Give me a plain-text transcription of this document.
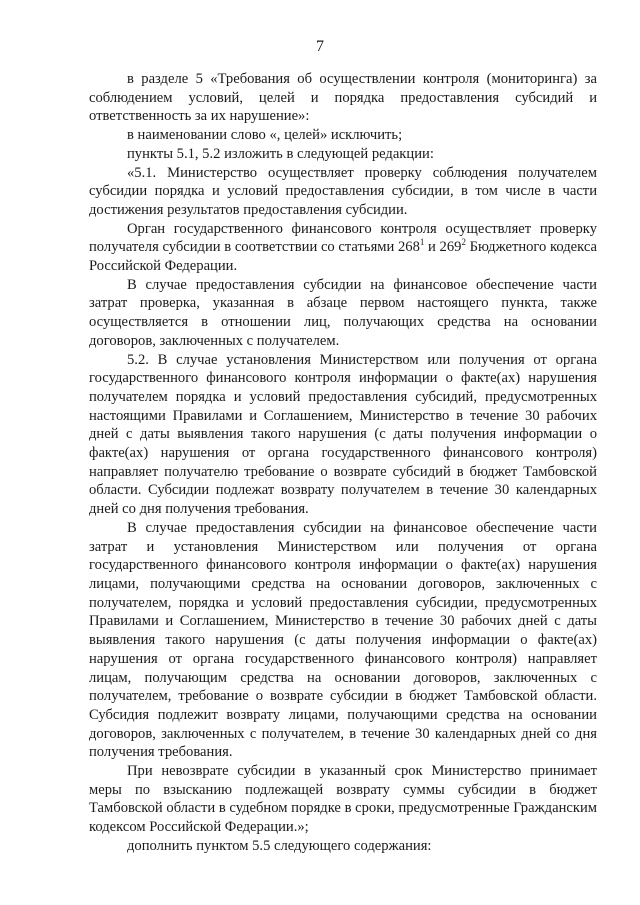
7

в разделе 5 «Требования об осуществлении контроля (мониторинга) за соблюдением условий, целей и порядка предоставления субсидий и ответственность за их нарушение»:

в наименовании слово «, целей» исключить;

пункты 5.1, 5.2 изложить в следующей редакции:

«5.1. Министерство осуществляет проверку соблюдения получателем субсидии порядка и условий предоставления субсидии, в том числе в части достижения результатов предоставления субсидии.

Орган государственного финансового контроля осуществляет проверку получателя субсидии в соответствии со статьями $268^1$ и $269^2$ Бюджетного кодекса Российской Федерации.

В случае предоставления субсидии на финансовое обеспечение части затрат проверка, указанная в абзаце первом настоящего пункта, также осуществляется в отношении лиц, получающих средства на основании договоров, заключенных с получателем.

5.2. В случае установления Министерством или получения от органа государственного финансового контроля информации о факте(ах) нарушения получателем порядка и условий предоставления субсидий, предусмотренных настоящими Правилами и Соглашением, Министерство в течение 30 рабочих дней с даты выявления такого нарушения (с даты получения информации о факте(ах) нарушения от органа государственного финансового контроля) направляет получателю требование о возврате субсидий в бюджет Тамбовской области. Субсидии подлежат возврату получателем в течение 30 календарных дней со дня получения требования.

В случае предоставления субсидии на финансовое обеспечение части затрат и установления Министерством или получения от органа государственного финансового контроля информации о факте(ах) нарушения лицами, получающими средства на основании договоров, заключенных с получателем, порядка и условий предоставления субсидии, предусмотренных Правилами и Соглашением, Министерство в течение 30 рабочих дней с даты выявления такого нарушения (с даты получения информации о факте(ах) нарушения от органа государственного финансового контроля) направляет лицам, получающим средства на основании договоров, заключенных с получателем, требование о возврате субсидии в бюджет Тамбовской области. Субсидия подлежит возврату лицами, получающими средства на основании договоров, заключенных с получателем, в течение 30 календарных дней со дня получения требования.

При невозврате субсидии в указанный срок Министерство принимает меры по взысканию подлежащей возврату суммы субсидии в бюджет Тамбовской области в судебном порядке в сроки, предусмотренные Гражданским кодексом Российской Федерации.»;

дополнить пунктом 5.5 следующего содержания:
